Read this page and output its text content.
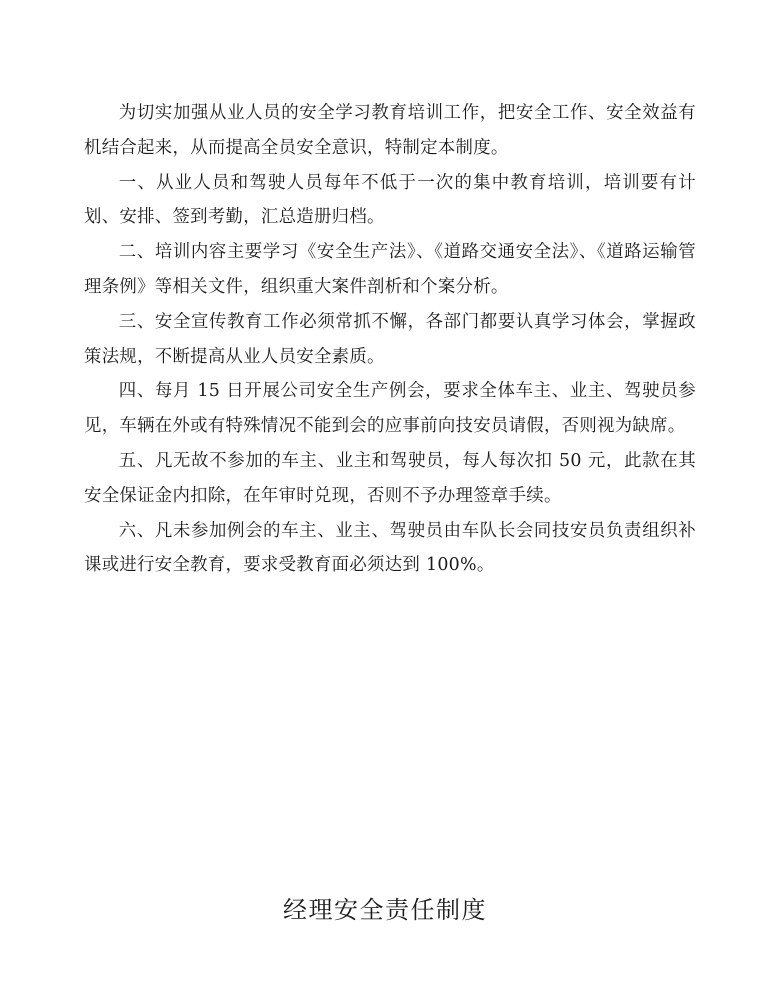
为切实加强从业人员的安全学习教育培训工作，把安全工作、安全效益有机结合起来，从而提高全员安全意识，特制定本制度。

一、从业人员和驾驶人员每年不低于一次的集中教育培训，培训要有计划、安排、签到考勤，汇总造册归档。

二、培训内容主要学习《安全生产法》、《道路交通安全法》、《道路运输管理条例》等相关文件，组织重大案件剖析和个案分析。

三、安全宣传教育工作必须常抓不懈，各部门都要认真学习体会，掌握政策法规，不断提高从业人员安全素质。

四、每月 15 日开展公司安全生产例会，要求全体车主、业主、驾驶员参见，车辆在外或有特殊情况不能到会的应事前向技安员请假，否则视为缺席。

五、凡无故不参加的车主、业主和驾驶员，每人每次扣 50 元，此款在其安全保证金内扣除，在年审时兑现，否则不予办理签章手续。

六、凡未参加例会的车主、业主、驾驶员由车队长会同技安员负责组织补课或进行安全教育，要求受教育面必须达到 100%。

经理安全责任制度
